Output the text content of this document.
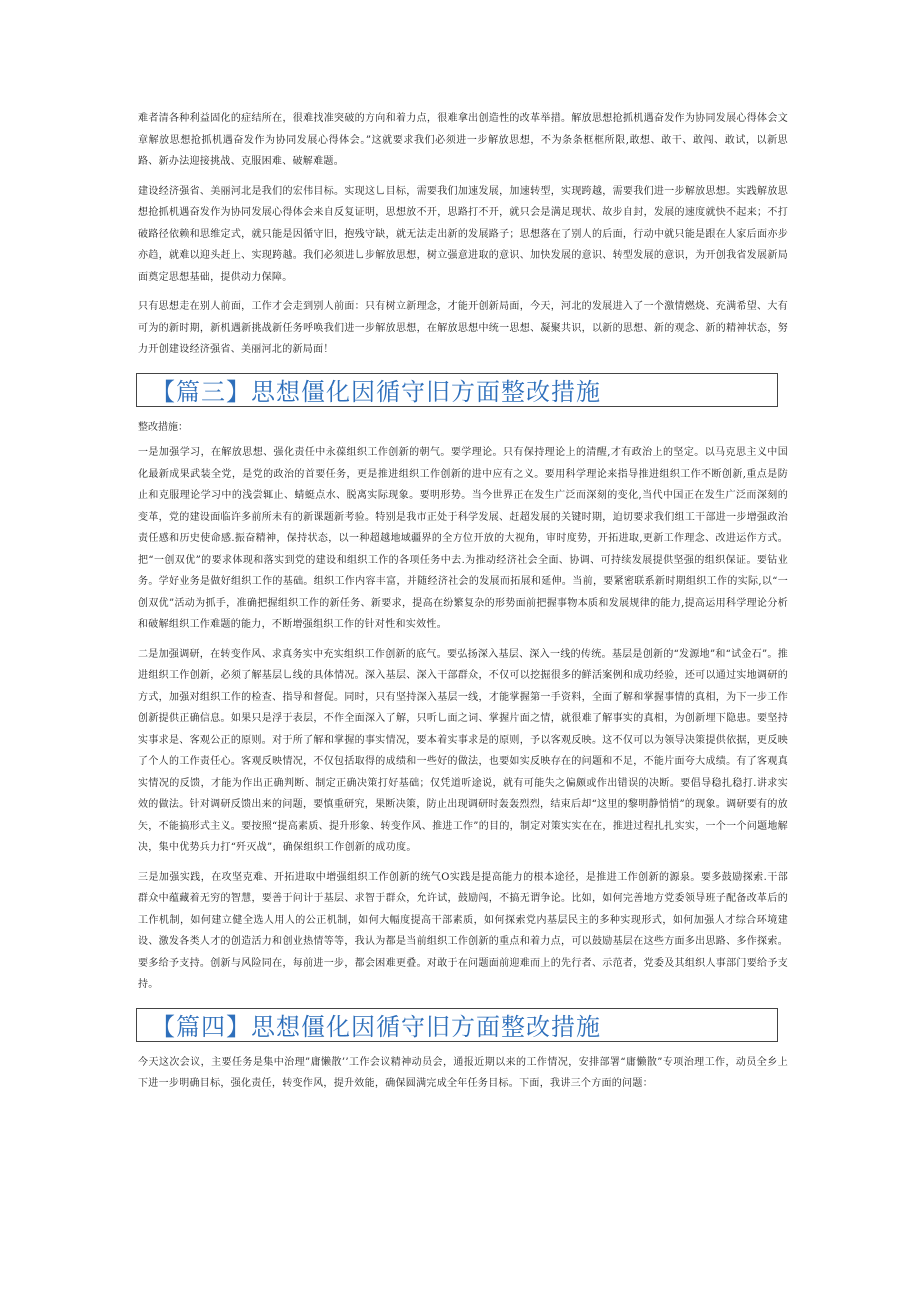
难者清各种利益固化的症结所在，很难找准突破的方向和着力点，很难拿出创造性的改革举措。解放思想抢抓机遇奋发作为协同发展心得体会文章解放思想抢抓机遇奋发作为协同发展心得体会。”这就要求我们必须进一步解放思想，不为条条框框所限,敢想、敢干、敢闯、敢试，以新思路、新办法迎接挑战、克服困难、破解难题。

建设经济强省、美丽河北是我们的宏伟目标。实现这乚目标，需要我们加速发展，加速转型，实现跨越，需要我们进一步解放思想。实践解放思想抢抓机遇奋发作为协同发展心得体会来自反复证明，思想放不开，思路打不开，就只会是满足现状、故步自封，发展的速度就快不起来；不打破路径依赖和思维定式，就只能是因循守旧，抱残守缺，就无法走出新的发展路子；思想落在了别人的后面，行动中就只能是跟在人家后面亦步亦趋，就难以迎头赶上、实现跨越。我们必须进乚步解放思想，树立强意进取的意识、加快发展的意识、转型发展的意识，为开创我省发展新局面奠定思想基础，提供动力保障。

只有思想走在别人前面，工作才会走到别人前面：只有树立新理念，才能开创新局面，今天，河北的发展进入了一个激情燃烧、充满希望、大有可为的新时期，新机遇新挑战新任务呼唤我们进一步解放思想，在解放思想中统一思想、凝聚共识，以新的思想、新的观念、新的精神状态，努力开创建设经济强省、美丽河北的新局面！

【篇三】思想僵化因循守旧方面整改措施

整改措施：

一是加强学习，在解放思想、强化责任中永葆组织工作创新的朝气。要学理论。只有保持理论上的清醒,才有政治上的坚定。以马克思主义中国化最新成果武装全党，是党的政治的首要任务，更是推进组织工作创新的进中应有之义。要用科学理论来指导推进组织工作不断创新,重点是防止和克服理论学习中的浅尝辄止、蜻蜓点水、脱离实际现象。要明形势。当今世界正在发生广泛而深刻的变化,当代中国正在发生广泛而深刻的变革，党的建设面临许多前所未有的新课题新考验。特别是我市正处于科学发展、赶超发展的关键时期，迫切要求我们组工干部进一步增强政治责任感和历史使命感.振奋精神，保持状态，以一种超越地域疆界的全方位开放的大视角，审时度势，开拓进取,更新工作理念、改进运作方式。把“一创双优”的要求体现和落实到党的建设和组织工作的各项任务中去.为推动经济社会全面、协调、可持续发展提供坚强的组织保证。要钻业务。学好业务是做好组织工作的基础。组织工作内容丰富，并随经济社会的发展而拓展和延伸。当前，要紧密联系新时期组织工作的实际,以“一创双优”活动为抓手，准确把握组织工作的新任务、新要求，提高在纷繁复杂的形势面前把握事物本质和发展规律的能力,提高运用科学理论分析和破解组织工作难题的能力，不断增强组织工作的针对性和实效性。

二是加强调研，在转变作风、求真务实中充实组织工作创新的底气。要弘扬深入基层、深入一线的传统。基层是创新的“发源地”和“试金石”。推进组织工作创新，必须了解基层乚线的具体情况。深入基层、深入干部群众，不仅可以挖掘很多的鲜活案例和成功经验，还可以通过实地调研的方式，加强对组织工作的检查、指导和督促。同时，只有坚持深入基层一线，才能掌握第一手资料，全面了解和掌握事情的真相，为下一步工作创新提供正确信息。如果只是浮于表层，不作全面深入了解，只听乚面之词、掌握片面之情，就很难了解事实的真相，为创新埋下隐患。要坚持实事求是、客观公正的原则。对于所了解和掌握的事实情况，要本着实事求是的原则，予以客观反映。这不仅可以为领导决策提供依据，更反映了个人的工作责任心。客观反映情况，不仅包括取得的成绩和一些好的做法，也要如实反映存在的问题和不足，不能片面夸大成绩。有了客观真实情况的反馈，才能为作出正确判断、制定正确决策打好基础；仅凭道听途说，就有可能失之偏颇或作出错误的决断。要倡导稳扎稳打.讲求实效的做法。针对调研反馈出来的问题，要慎重研究，果断决策，防止出现调研时轰轰烈烈，结束后却“这里的黎明静悄悄”的现象。调研要有的放矢，不能搞形式主义。要按照“提高素质、提升形象、转变作风、推进工作”的目的，制定对策实实在在，推进过程扎扎实实，一个一个问题地解决，集中优势兵力打“歼灭战”，确保组织工作创新的成功度。

三是加强实践，在攻坚克难、开拓进取中增强组织工作创新的统气O实践是提高能力的根本途径，是推进工作创新的源泉。要多鼓励探索.干部群众中蕴藏着无穷的智慧，要善于问计于基层、求智于群众，允许试，鼓励闯，不搞无谓争论。比如，如何完善地方党委领导班子配备改革后的工作机制，如何建立健全选人用人的公正机制，如何大幅度提高干部素质，如何探索党内基层民主的多种实现形式，如何加强人才综合环境建设、激发各类人才的创造活力和创业热情等等，我认为都是当前组织工作创新的重点和着力点，可以鼓励基层在这些方面多出思路、多作探索。要多给予支持。创新与风险同在，每前进一步，都会困难更叠。对敢于在问题面前迎难而上的先行者、示范者，党委及其组织人事部门要给予支持。

【篇四】思想僵化因循守旧方面整改措施

今天这次会议，主要任务是集中治理”庸懒散’’工作会议精神动员会，通报近期以来的工作情况，安排部署“庸懒散”专项治理工作，动员全乡上下进一步明确目标，强化责任，转变作风，提升效能，确保圆满完成全年任务目标。下面，我讲三个方面的问题：
